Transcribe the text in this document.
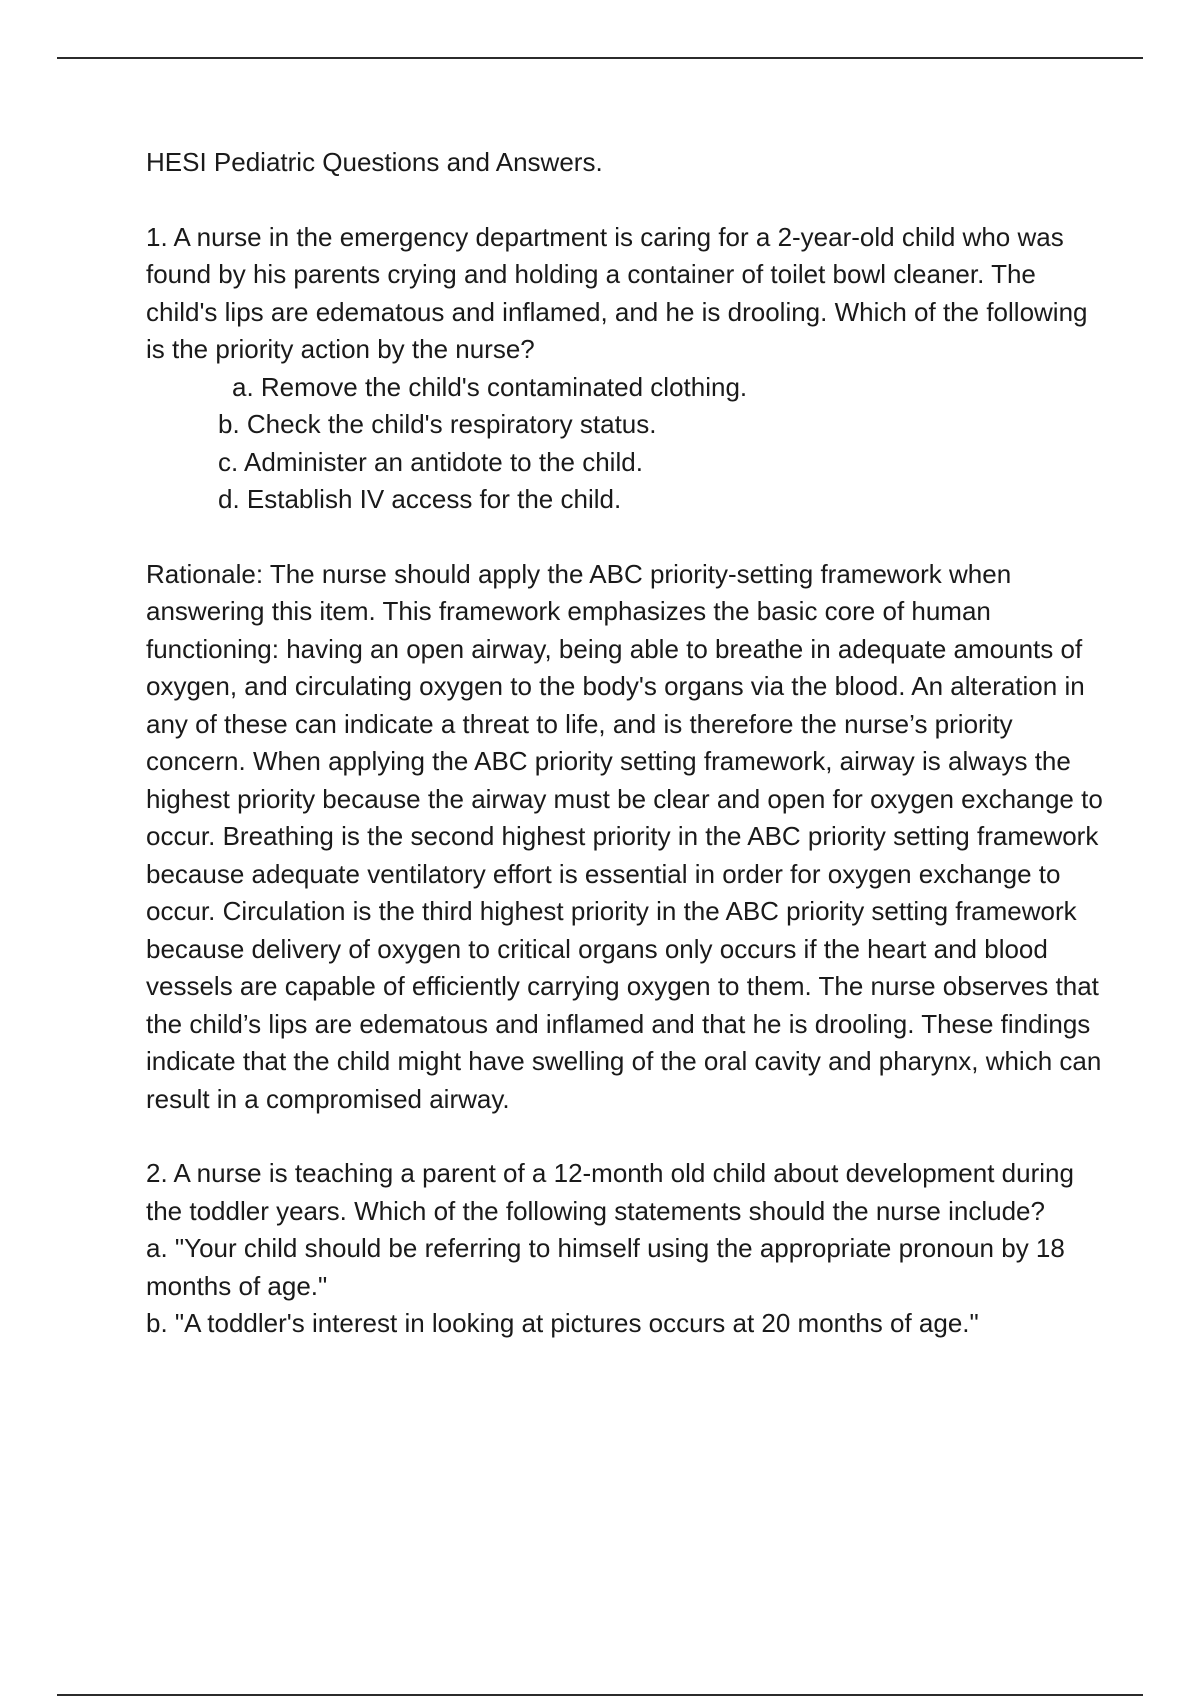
HESI Pediatric Questions and Answers.

1. A nurse in the emergency department is caring for a 2-year-old child who was found by his parents crying and holding a container of toilet bowl cleaner. The child's lips are edematous and inflamed, and he is drooling. Which of the following is the priority action by the nurse?

a. Remove the child's contaminated clothing.
b. Check the child's respiratory status.
c. Administer an antidote to the child.
d. Establish IV access for the child.

Rationale: The nurse should apply the ABC priority-setting framework when answering this item. This framework emphasizes the basic core of human functioning: having an open airway, being able to breathe in adequate amounts of oxygen, and circulating oxygen to the body's organs via the blood. An alteration in any of these can indicate a threat to life, and is therefore the nurse’s priority concern. When applying the ABC priority setting framework, airway is always the highest priority because the airway must be clear and open for oxygen exchange to occur. Breathing is the second highest priority in the ABC priority setting framework because adequate ventilatory effort is essential in order for oxygen exchange to occur. Circulation is the third highest priority in the ABC priority setting framework because delivery of oxygen to critical organs only occurs if the heart and blood vessels are capable of efficiently carrying oxygen to them. The nurse observes that the child’s lips are edematous and inflamed and that he is drooling. These findings indicate that the child might have swelling of the oral cavity and pharynx, which can result in a compromised airway.

2. A nurse is teaching a parent of a 12-month old child about development during the toddler years. Which of the following statements should the nurse include?

a. "Your child should be referring to himself using the appropriate pronoun by 18 months of age."
b. "A toddler's interest in looking at pictures occurs at 20 months of age."
